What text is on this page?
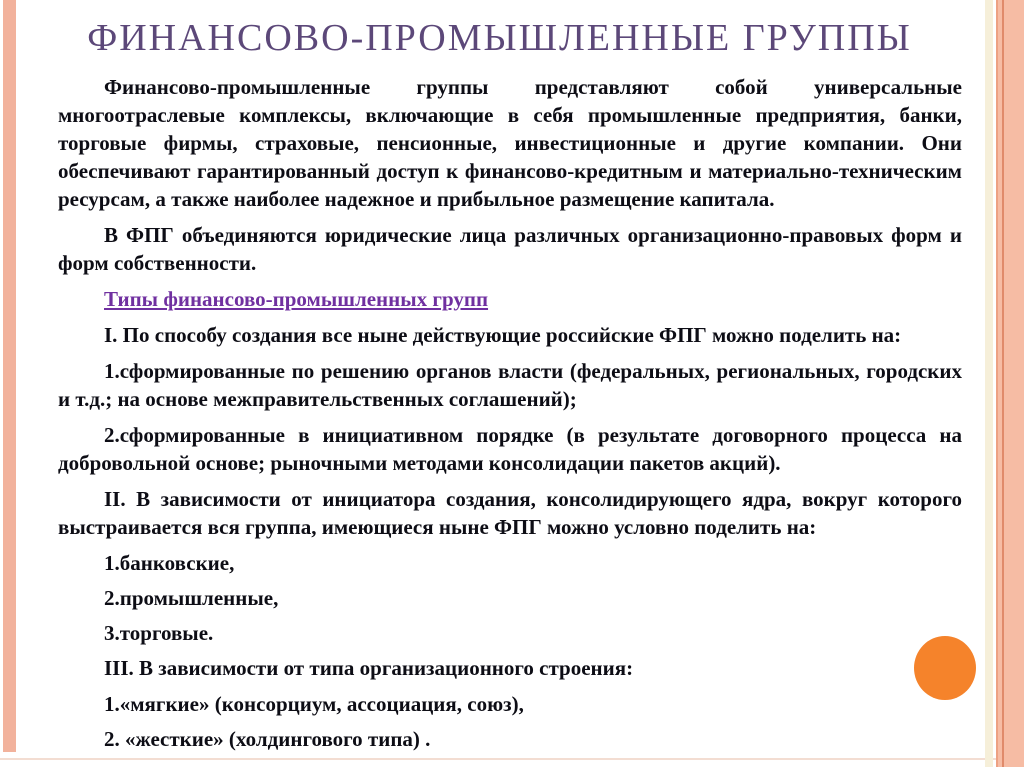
ФИНАНСОВО-ПРОМЫШЛЕННЫЕ ГРУППЫ

Финансово-промышленные группы представляют собой универсальные многоотраслевые комплексы, включающие в себя промышленные предприятия, банки, торговые фирмы, страховые, пенсионные, инвестиционные и другие компании. Они обеспечивают гарантированный доступ к финансово-кредитным и материально-техническим ресурсам, а также наиболее надежное и прибыльное размещение капитала.

В ФПГ объединяются юридические лица различных организационно-правовых форм и форм собственности.

Типы финансово-промышленных групп

I. По способу создания все ныне действующие российские ФПГ можно поделить на:

1.сформированные по решению органов власти (федеральных, региональных, городских и т.д.; на основе межправительственных соглашений);

2.сформированные в инициативном порядке (в результате договорного процесса на добровольной основе; рыночными методами консолидации пакетов акций).

II. В зависимости от инициатора создания, консолидирующего ядра, вокруг которого выстраивается вся группа, имеющиеся ныне ФПГ можно условно поделить на:

1.банковские,

2.промышленные,

3.торговые.

III. В зависимости от типа организационного строения:

1.«мягкие» (консорциум, ассоциация, союз),

2. «жесткие» (холдингового типа) .
